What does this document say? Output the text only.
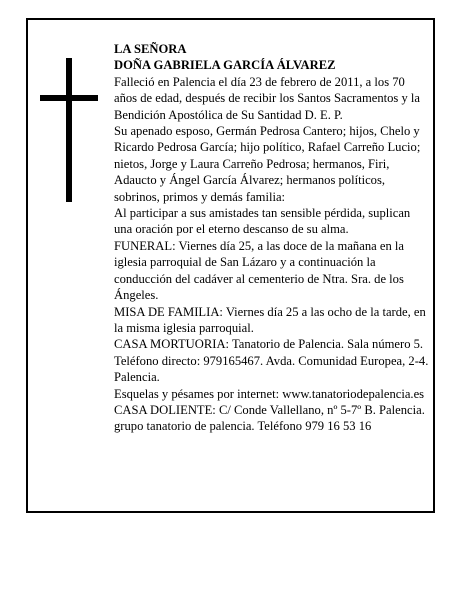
LA SEÑORA

DOÑA GABRIELA GARCÍA ÁLVAREZ

Falleció en Palencia el día 23 de febrero de 2011, a los 70 años de edad, después de recibir los Santos Sacramentos y la Bendición Apostólica de Su Santidad D. E. P.

Su apenado esposo, Germán Pedrosa Cantero; hijos, Chelo y Ricardo Pedrosa García; hijo político, Rafael Carreño Lucio; nietos, Jorge y Laura Carreño Pedrosa; hermanos, Firi, Adaucto y Ángel García Álvarez; hermanos políticos, sobrinos, primos y demás familia:

Al participar a sus amistades tan sensible pérdida, suplican una oración por el eterno descanso de su alma.

FUNERAL: Viernes día 25, a las doce de la mañana en la iglesia parroquial de San Lázaro y a continuación la conducción del cadáver al cementerio de Ntra. Sra. de los Ángeles.

MISA DE FAMILIA: Viernes día 25 a las ocho de la tarde, en la misma iglesia parroquial.

CASA MORTUORIA: Tanatorio de Palencia. Sala número 5. Teléfono directo: 979165467. Avda. Comunidad Europea, 2-4. Palencia.

Esquelas y pésames por internet: www.tanatoriodepalencia.es

CASA DOLIENTE: C/ Conde Vallellano, nº 5-7º B. Palencia.

grupo tanatorio de palencia. Teléfono 979 16 53 16
